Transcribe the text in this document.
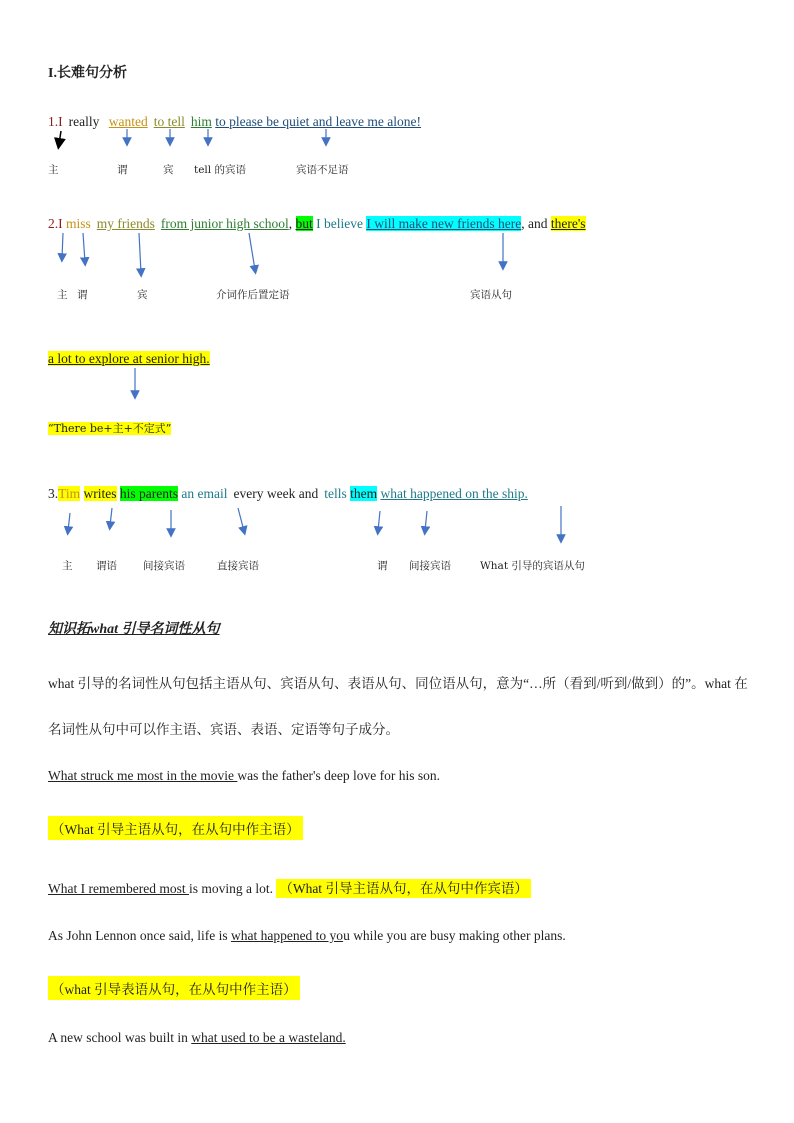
I.长难句分析
1.I really wanted to tell him to please be quiet and leave me alone!
主	谓	宾 tell 的宾语	宾语不足语
2.I miss my friends from junior high school, but I believe I will make new friends here, and there's
主 谓	宾	介词作后置定语	宾语从句
a lot to explore at senior high.
“There be+主+不定式”
3.Tim writes his parents an email every week and tells them what happened on the ship.
主 谓语 间接宾语	直接宾语	谓 间接宾语	What 引导的宾语从句
知识拓what 引导名词性从句
what 引导的名词性从句包括主语从句、宾语从句、表语从句、同位语从句，意为“…所（看到/听到/做到）的”。what 在名词性从句中可以作主语、宾语、表语、定语等句子成分。
What struck me most in the movie was the father's deep love for his son.
（What 引导主语从句，在从句中作主语）
What I remembered most is moving a lot. （What 引导主语从句，在从句中作宾语）
As John Lennon once said, life is what happened to you while you are busy making other plans.
（what 引导表语从句，在从句中作主语）
A new school was built in what used to be a wasteland.
